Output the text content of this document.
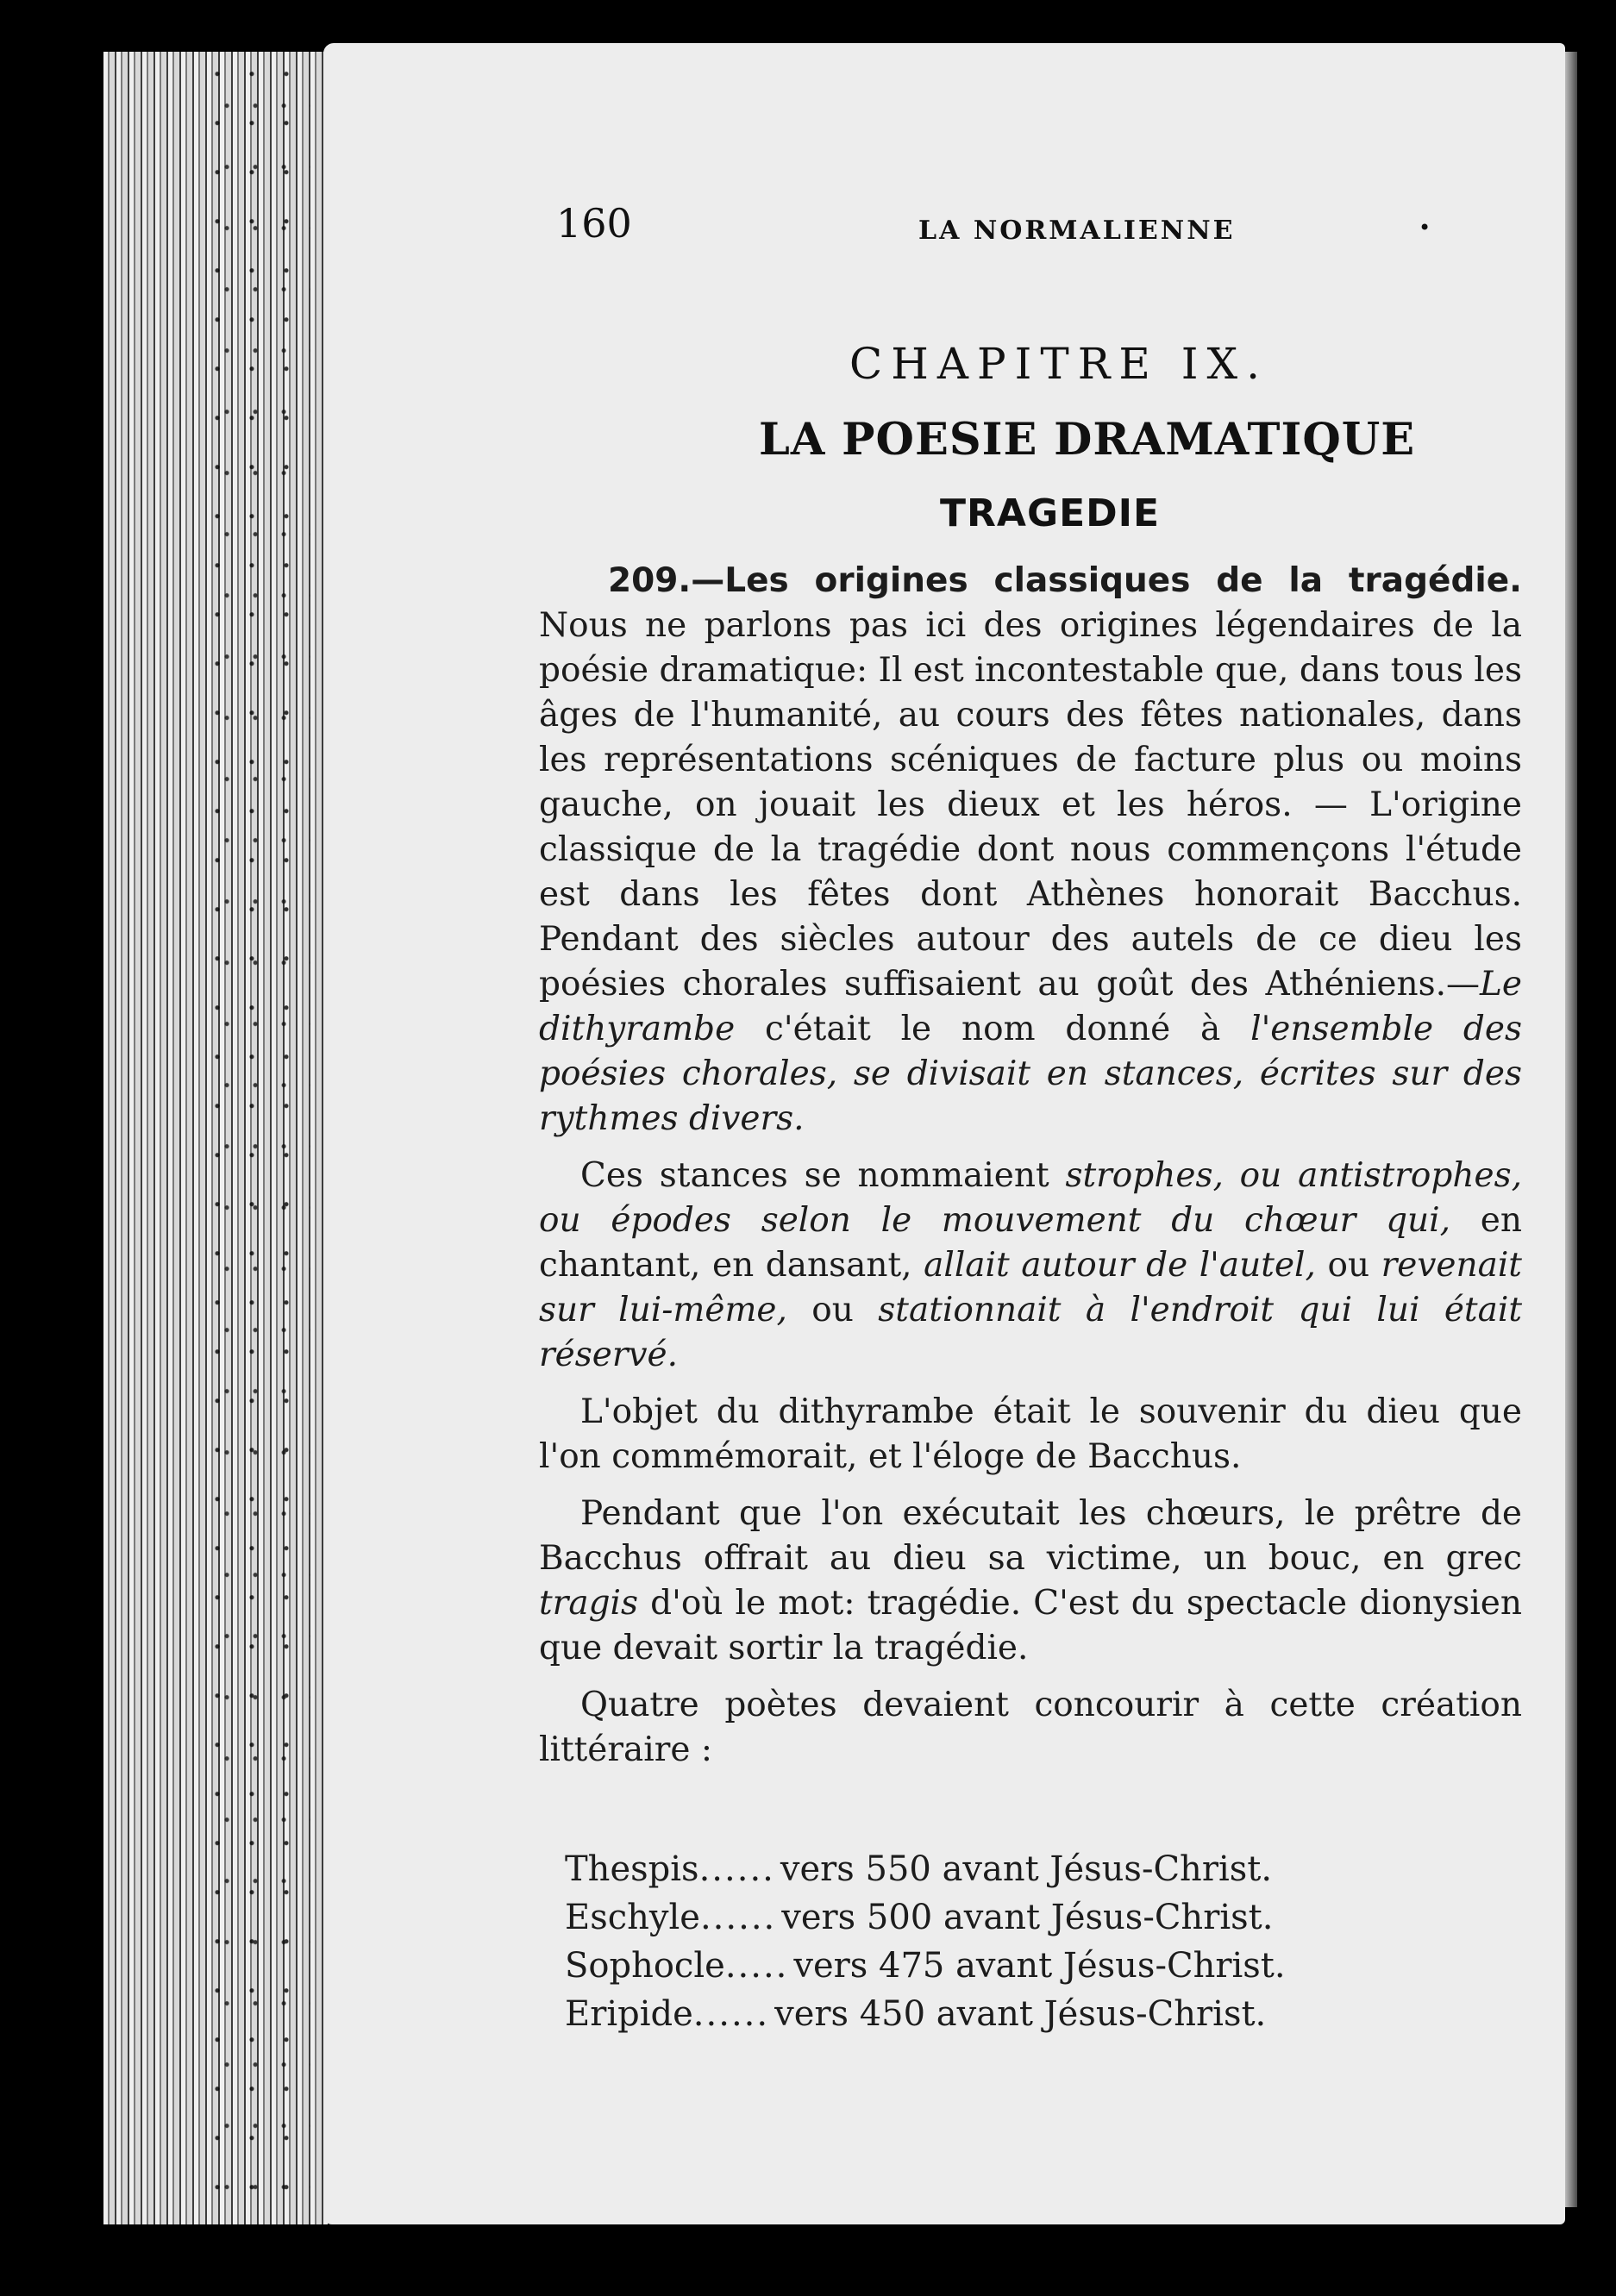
160	LA NORMALIENNE	•
CHAPITRE IX.
LA POESIE DRAMATIQUE
TRAGEDIE

209.—Les origines classiques de la tragédie. Nous ne parlons pas ici des origines légendaires de la poésie dramatique: Il est incontestable que, dans tous les âges de l'humanité, au cours des fêtes nationales, dans les représentations scéniques de facture plus ou moins gauche, on jouait les dieux et les héros. — L'origine classique de la tragédie dont nous commençons l'étude est dans les fêtes dont Athènes honorait Bacchus. Pendant des siècles autour des autels de ce dieu les poésies chorales suffisaient au goût des Athéniens.—Le dithyrambe c'était le nom donné à l'ensemble des poésies chorales, se divisait en stances, écrites sur des rythmes divers.

Ces stances se nommaient strophes, ou antistrophes, ou épodes selon le mouvement du chœur qui, en chantant, en dansant, allait autour de l'autel, ou revenait sur lui-même, ou stationnait à l'endroit qui lui était réservé.

L'objet du dithyrambe était le souvenir du dieu que l'on commémorait, et l'éloge de Bacchus.

Pendant que l'on exécutait les chœurs, le prêtre de Bacchus offrait au dieu sa victime, un bouc, en grec tragis d'où le mot: tragédie. C'est du spectacle dionysien que devait sortir la tragédie.

Quatre poètes devaient concourir à cette création littéraire :

Thespis ...... vers 550 avant Jésus-Christ.
Eschyle ...... vers 500 avant Jésus-Christ.
Sophocle ..... vers 475 avant Jésus-Christ.
Eripide ...... vers 450 avant Jésus-Christ.
